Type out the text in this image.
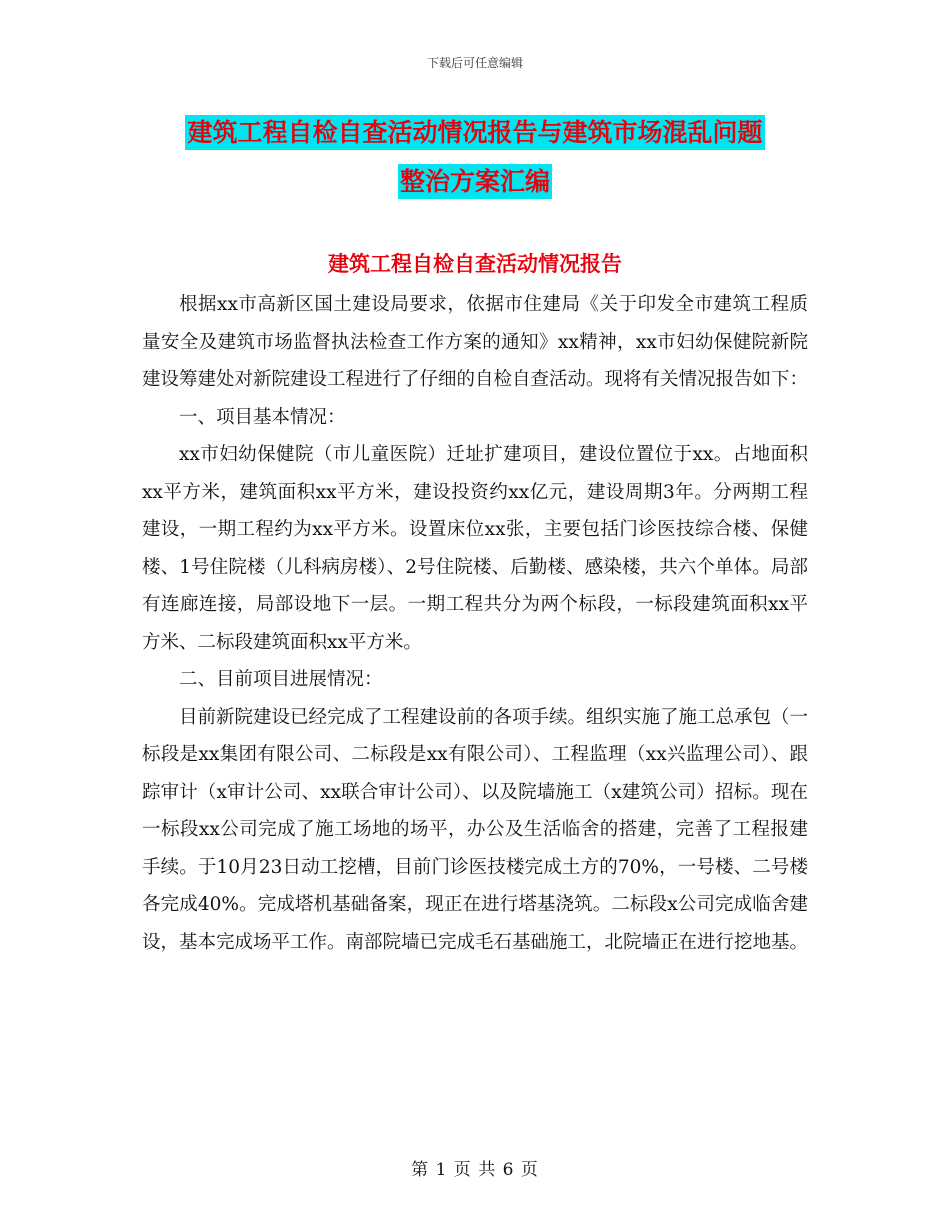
下载后可任意编辑
建筑工程自检自查活动情况报告与建筑市场混乱问题
整治方案汇编
建筑工程自检自查活动情况报告

根据xx市高新区国土建设局要求，依据市住建局《关于印发全市建筑工程质量安全及建筑市场监督执法检查工作方案的通知》xx精神，xx市妇幼保健院新院建设筹建处对新院建设工程进行了仔细的自检自查活动。现将有关情况报告如下：

一、项目基本情况：

xx市妇幼保健院（市儿童医院）迁址扩建项目，建设位置位于xx。占地面积xx平方米，建筑面积xx平方米，建设投资约xx亿元，建设周期3年。分两期工程建设，一期工程约为xx平方米。设置床位xx张，主要包括门诊医技综合楼、保健楼、1号住院楼（儿科病房楼）、2号住院楼、后勤楼、感染楼，共六个单体。局部有连廊连接，局部设地下一层。一期工程共分为两个标段，一标段建筑面积xx平方米、二标段建筑面积xx平方米。

二、目前项目进展情况：

目前新院建设已经完成了工程建设前的各项手续。组织实施了施工总承包（一标段是xx集团有限公司、二标段是xx有限公司）、工程监理（xx兴监理公司）、跟踪审计（x审计公司、xx联合审计公司）、以及院墙施工（x建筑公司）招标。现在一标段xx公司完成了施工场地的场平，办公及生活临舍的搭建，完善了工程报建手续。于10月23日动工挖槽，目前门诊医技楼完成土方的70%，一号楼、二号楼各完成40%。完成塔机基础备案，现正在进行塔基浇筑。二标段x公司完成临舍建设，基本完成场平工作。南部院墙已完成毛石基础施工，北院墙正在进行挖地基。

第 1 页 共 6 页
